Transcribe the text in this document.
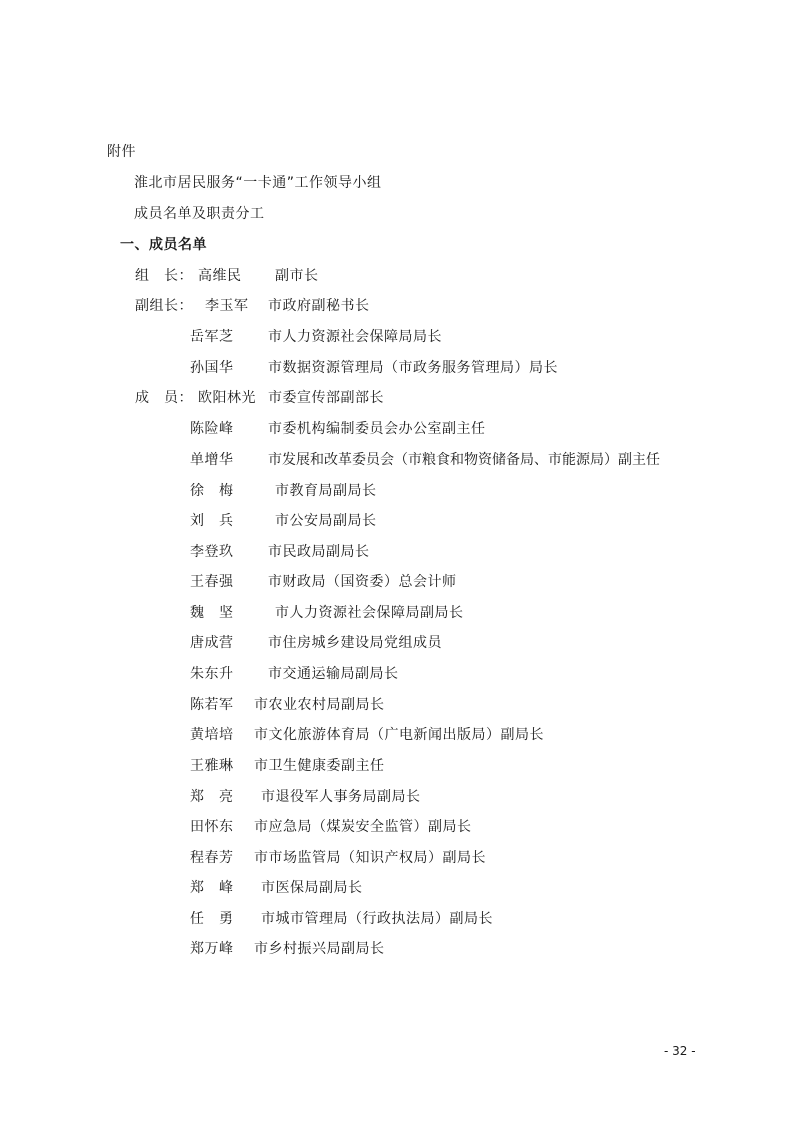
附件
淮北市居民服务“一卡通”工作领导小组
成员名单及职责分工
一、成员名单
组　长： 高维民 副市长
副组长： 李玉军 市政府副秘书长
岳军芝 市人力资源社会保障局局长
孙国华 市数据资源管理局（市政务服务管理局）局长
成　员： 欧阳林光 市委宣传部副部长
陈险峰 市委机构编制委员会办公室副主任
单增华 市发展和改革委员会（市粮食和物资储备局、市能源局）副主任
徐　梅	市教育局副局长
刘　兵	市公安局副局长
李登玖 市民政局副局长
王春强 市财政局（国资委）总会计师
魏　坚	市人力资源社会保障局副局长
唐成营 市住房城乡建设局党组成员
朱东升 市交通运输局副局长
陈若军 市农业农村局副局长
黄培培 市文化旅游体育局（广电新闻出版局）副局长
王雅琳 市卫生健康委副主任
郑　亮 市退役军人事务局副局长
田怀东 市应急局（煤炭安全监管）副局长
程春芳 市市场监管局（知识产权局）副局长
郑　峰 市医保局副局长
任　勇 市城市管理局（行政执法局）副局长
郑万峰 市乡村振兴局副局长
- 32 -
